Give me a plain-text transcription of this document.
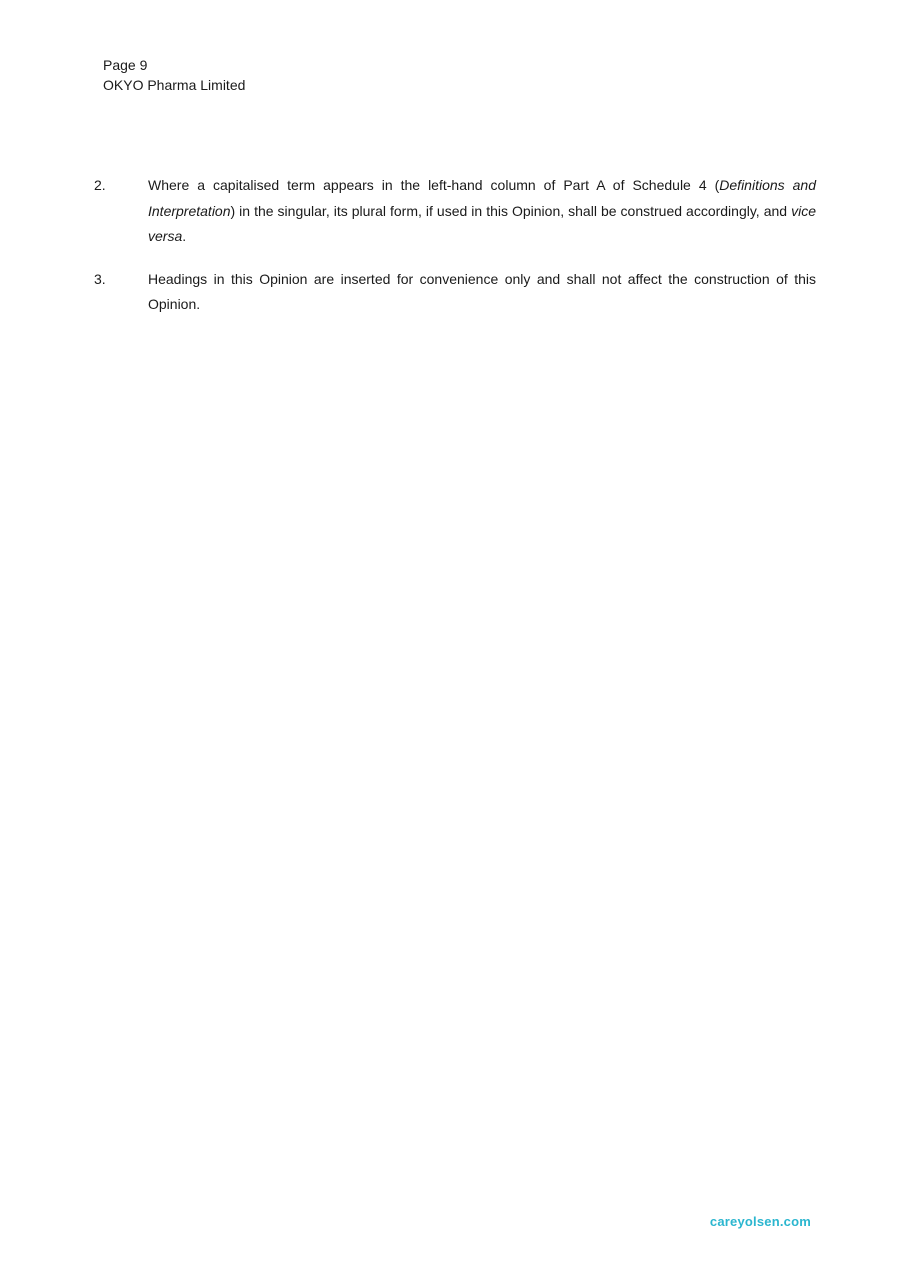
Page 9
OKYO Pharma Limited
2.	Where a capitalised term appears in the left-hand column of Part A of Schedule 4 (Definitions and Interpretation) in the singular, its plural form, if used in this Opinion, shall be construed accordingly, and vice versa.
3.	Headings in this Opinion are inserted for convenience only and shall not affect the construction of this Opinion.
careyolsen.com
